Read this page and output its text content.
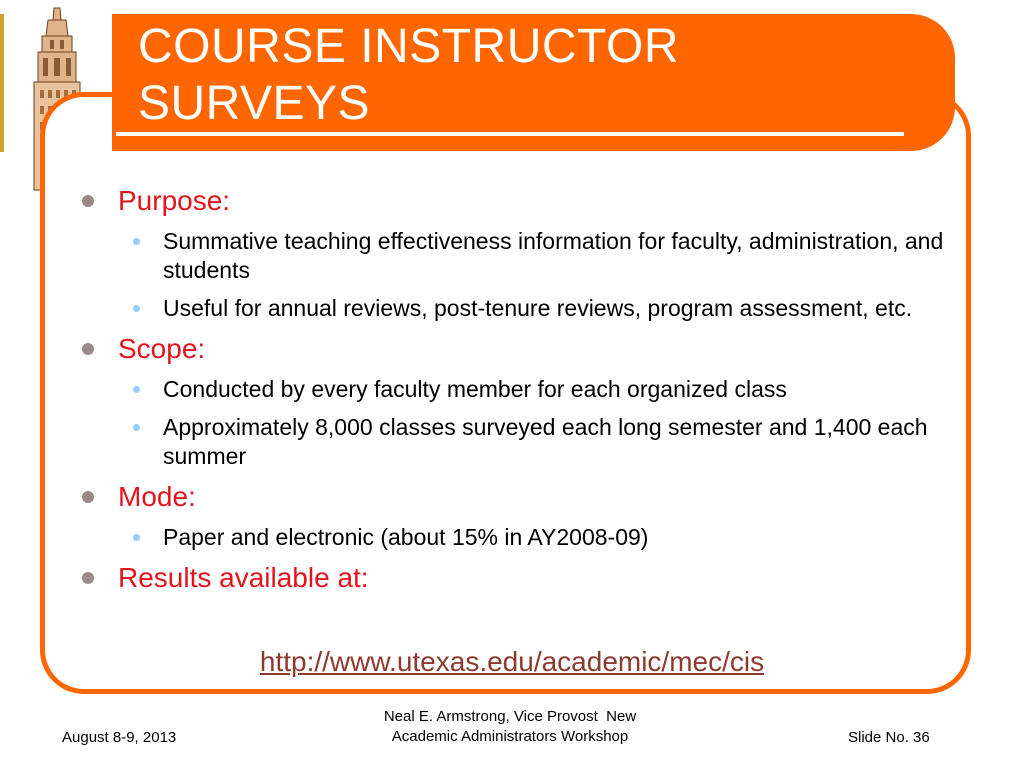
COURSE INSTRUCTOR
SURVEYS
Purpose:
Summative teaching effectiveness information for faculty, administration, and students
Useful for annual reviews, post-tenure reviews, program assessment, etc.
Scope:
Conducted by every faculty member for each organized class
Approximately 8,000 classes surveyed each long semester and 1,400 each summer
Mode:
Paper and electronic (about 15% in AY2008-09)
Results available at:
http://www.utexas.edu/academic/mec/cis
August 8-9, 2013
Neal E. Armstrong, Vice Provost  New
Academic Administrators Workshop	Slide No. 36
